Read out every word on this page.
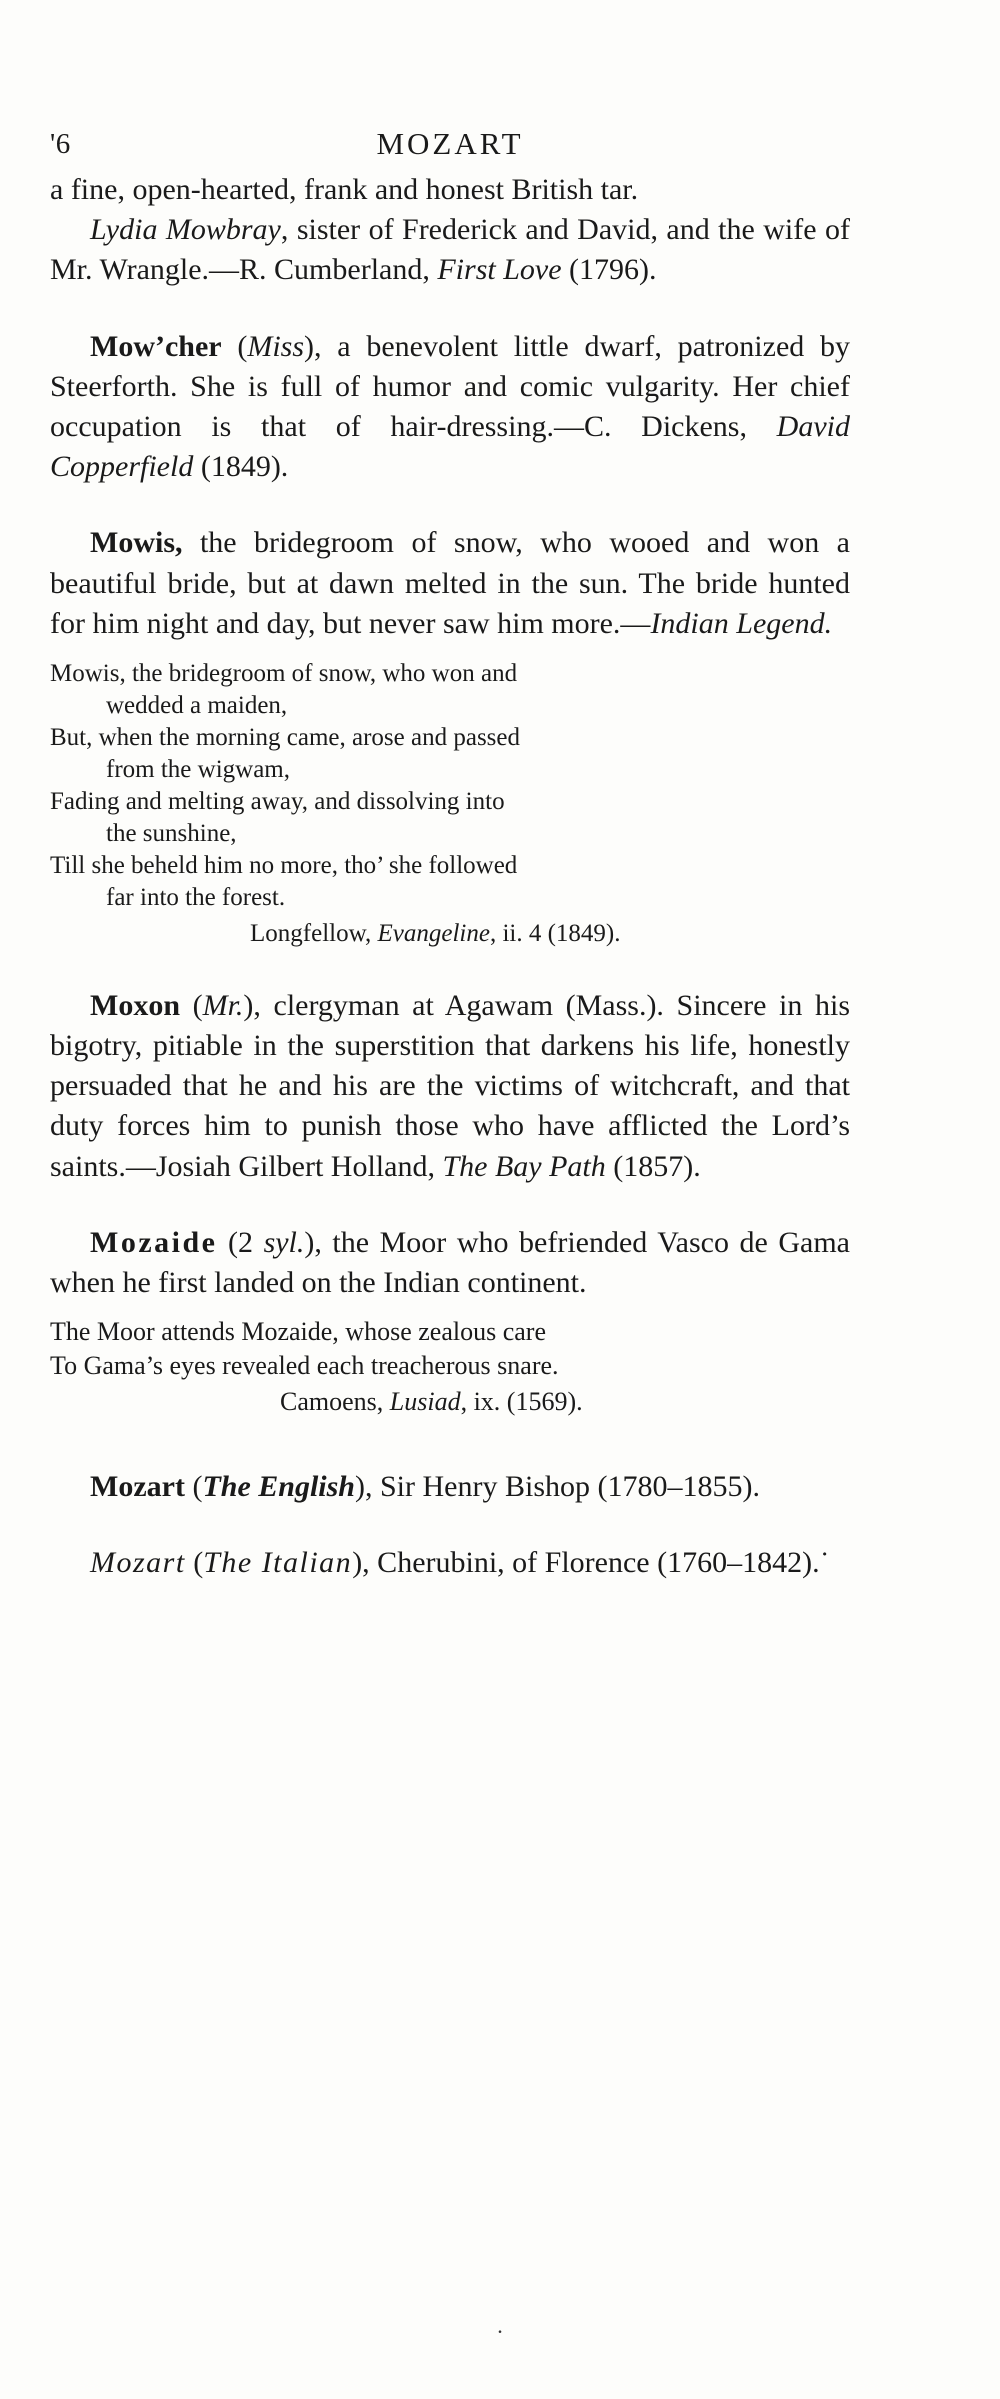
'6	MOZART

a fine, open-hearted, frank and honest British tar.

Lydia Mowbray, sister of Frederick and David, and the wife of Mr. Wrangle.—R. Cumberland, First Love (1796).

Mow’cher (Miss), a benevolent little dwarf, patronized by Steerforth. She is full of humor and comic vulgarity. Her chief occupation is that of hair-dressing.—C. Dickens, David Copperfield (1849).

Mowis, the bridegroom of snow, who wooed and won a beautiful bride, but at dawn melted in the sun. The bride hunted for him night and day, but never saw him more.—Indian Legend.

Mowis, the bridegroom of snow, who won and
wedded a maiden,
But, when the morning came, arose and passed
from the wigwam,
Fading and melting away, and dissolving into
the sunshine,
Till she beheld him no more, tho’ she followed
far into the forest.
Longfellow, Evangeline, ii. 4 (1849).

Moxon (Mr.), clergyman at Agawam (Mass.). Sincere in his bigotry, pitiable in the superstition that darkens his life, honestly persuaded that he and his are the victims of witchcraft, and that duty forces him to punish those who have afflicted the Lord’s saints.—Josiah Gilbert Holland, The Bay Path (1857).

Mozaide (2 syl.), the Moor who befriended Vasco de Gama when he first landed on the Indian continent.

The Moor attends Mozaide, whose zealous care
To Gama’s eyes revealed each treacherous snare.
Camoens, Lusiad, ix. (1569).

Mozart (The English), Sir Henry Bishop (1780–1855).

Mozart (The Italian), Cherubini, of Florence (1760–1842).˙

.
